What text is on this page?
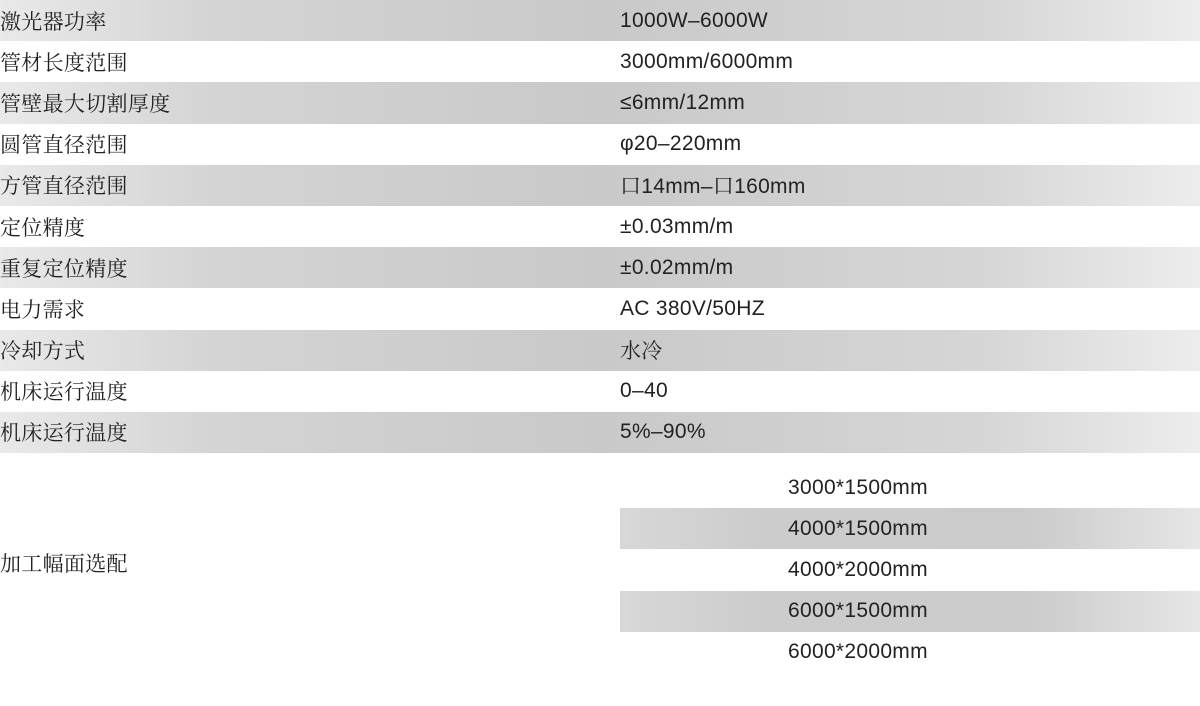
激光器功率	1000W–6000W
管材长度范围	3000mm/6000mm
管壁最大切割厚度	≤6mm/12mm
圆管直径范围	φ20–220mm
方管直径范围	口14mm–口160mm
定位精度	±0.03mm/m
重复定位精度	±0.02mm/m
电力需求	AC 380V/50HZ
冷却方式	水冷
机床运行温度	0–40
机床运行温度	5%–90%
加工幅面选配	3000*1500mm
4000*1500mm
4000*2000mm
6000*1500mm
6000*2000mm
